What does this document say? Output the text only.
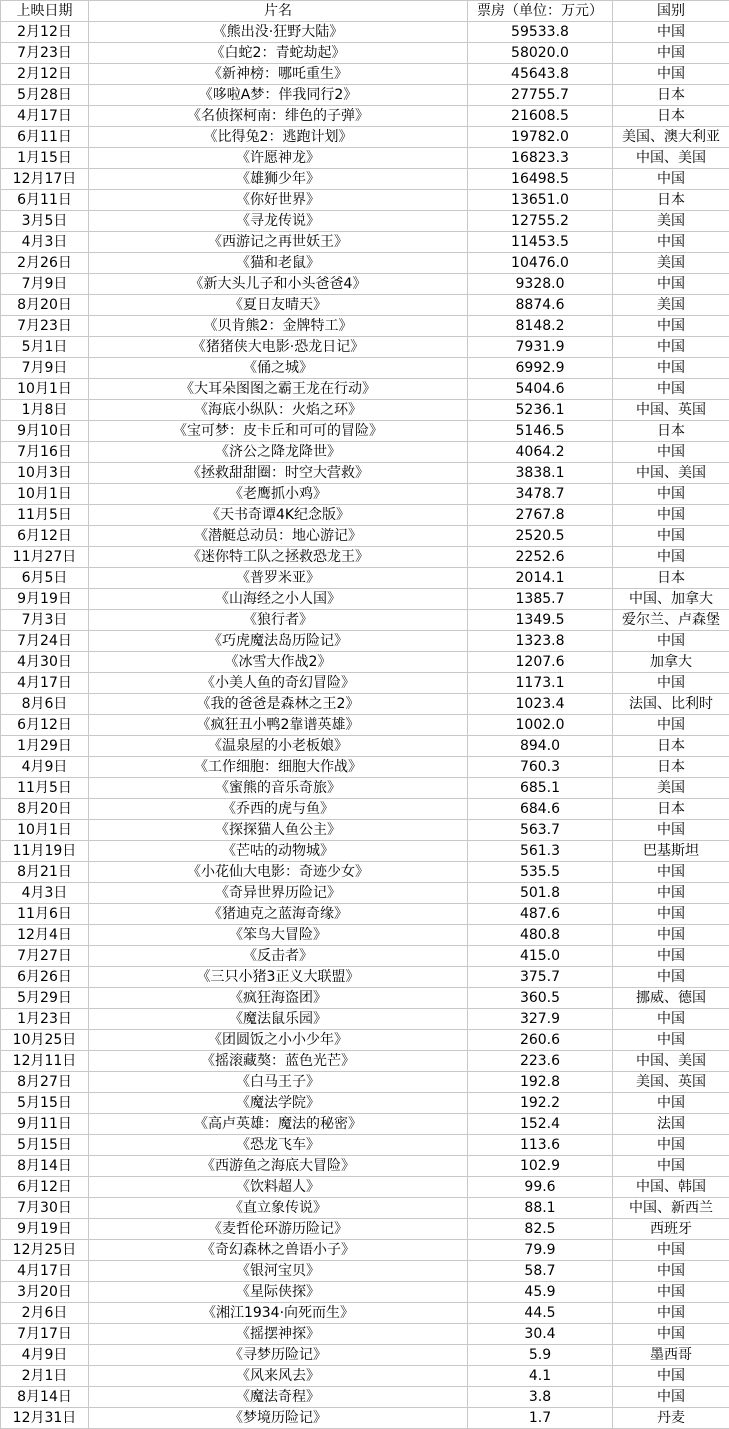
上映日期	片名	票房（单位：万元）	国别
2月12日	《熊出没·狂野大陆》	59533.8	中国
7月23日	《白蛇2：青蛇劫起》	58020.0	中国
2月12日	《新神榜：哪吒重生》	45643.8	中国
5月28日	《哆啦A梦：伴我同行2》	27755.7	日本
4月17日	《名侦探柯南：绯色的子弹》	21608.5	日本
6月11日	《比得兔2：逃跑计划》	19782.0	美国、澳大利亚
1月15日	《许愿神龙》	16823.3	中国、美国
12月17日	《雄狮少年》	16498.5	中国
6月11日	《你好世界》	13651.0	日本
3月5日	《寻龙传说》	12755.2	美国
4月3日	《西游记之再世妖王》	11453.5	中国
2月26日	《猫和老鼠》	10476.0	美国
7月9日	《新大头儿子和小头爸爸4》	9328.0	中国
8月20日	《夏日友晴天》	8874.6	美国
7月23日	《贝肯熊2：金牌特工》	8148.2	中国
5月1日	《猪猪侠大电影·恐龙日记》	7931.9	中国
7月9日	《俑之城》	6992.9	中国
10月1日	《大耳朵图图之霸王龙在行动》	5404.6	中国
1月8日	《海底小纵队：火焰之环》	5236.1	中国、英国
9月10日	《宝可梦：皮卡丘和可可的冒险》	5146.5	日本
7月16日	《济公之降龙降世》	4064.2	中国
10月3日	《拯救甜甜圈：时空大营救》	3838.1	中国、美国
10月1日	《老鹰抓小鸡》	3478.7	中国
11月5日	《天书奇谭4K纪念版》	2767.8	中国
6月12日	《潜艇总动员：地心游记》	2520.5	中国
11月27日	《迷你特工队之拯救恐龙王》	2252.6	中国
6月5日	《普罗米亚》	2014.1	日本
9月19日	《山海经之小人国》	1385.7	中国、加拿大
7月3日	《狼行者》	1349.5	爱尔兰、卢森堡
7月24日	《巧虎魔法岛历险记》	1323.8	中国
4月30日	《冰雪大作战2》	1207.6	加拿大
4月17日	《小美人鱼的奇幻冒险》	1173.1	中国
8月6日	《我的爸爸是森林之王2》	1023.4	法国、比利时
6月12日	《疯狂丑小鸭2靠谱英雄》	1002.0	中国
1月29日	《温泉屋的小老板娘》	894.0	日本
4月9日	《工作细胞：细胞大作战》	760.3	日本
11月5日	《蜜熊的音乐奇旅》	685.1	美国
8月20日	《乔西的虎与鱼》	684.6	日本
10月1日	《探探猫人鱼公主》	563.7	中国
11月19日	《芒咕的动物城》	561.3	巴基斯坦
8月21日	《小花仙大电影：奇迹少女》	535.5	中国
4月3日	《奇异世界历险记》	501.8	中国
11月6日	《猪迪克之蓝海奇缘》	487.6	中国
12月4日	《笨鸟大冒险》	480.8	中国
7月27日	《反击者》	415.0	中国
6月26日	《三只小猪3正义大联盟》	375.7	中国
5月29日	《疯狂海盗团》	360.5	挪威、德国
1月23日	《魔法鼠乐园》	327.9	中国
10月25日	《团圆饭之小小少年》	260.6	中国
12月11日	《摇滚藏獒：蓝色光芒》	223.6	中国、美国
8月27日	《白马王子》	192.8	美国、英国
5月15日	《魔法学院》	192.2	中国
9月11日	《高卢英雄：魔法的秘密》	152.4	法国
5月15日	《恐龙飞车》	113.6	中国
8月14日	《西游鱼之海底大冒险》	102.9	中国
6月12日	《饮料超人》	99.6	中国、韩国
7月30日	《直立象传说》	88.1	中国、新西兰
9月19日	《麦哲伦环游历险记》	82.5	西班牙
12月25日	《奇幻森林之兽语小子》	79.9	中国
4月17日	《银河宝贝》	58.7	中国
3月20日	《星际侠探》	45.9	中国
2月6日	《湘江1934·向死而生》	44.5	中国
7月17日	《摇摆神探》	30.4	中国
4月9日	《寻梦历险记》	5.9	墨西哥
2月1日	《风来风去》	4.1	中国
8月14日	《魔法奇程》	3.8	中国
12月31日	《梦境历险记》	1.7	丹麦
